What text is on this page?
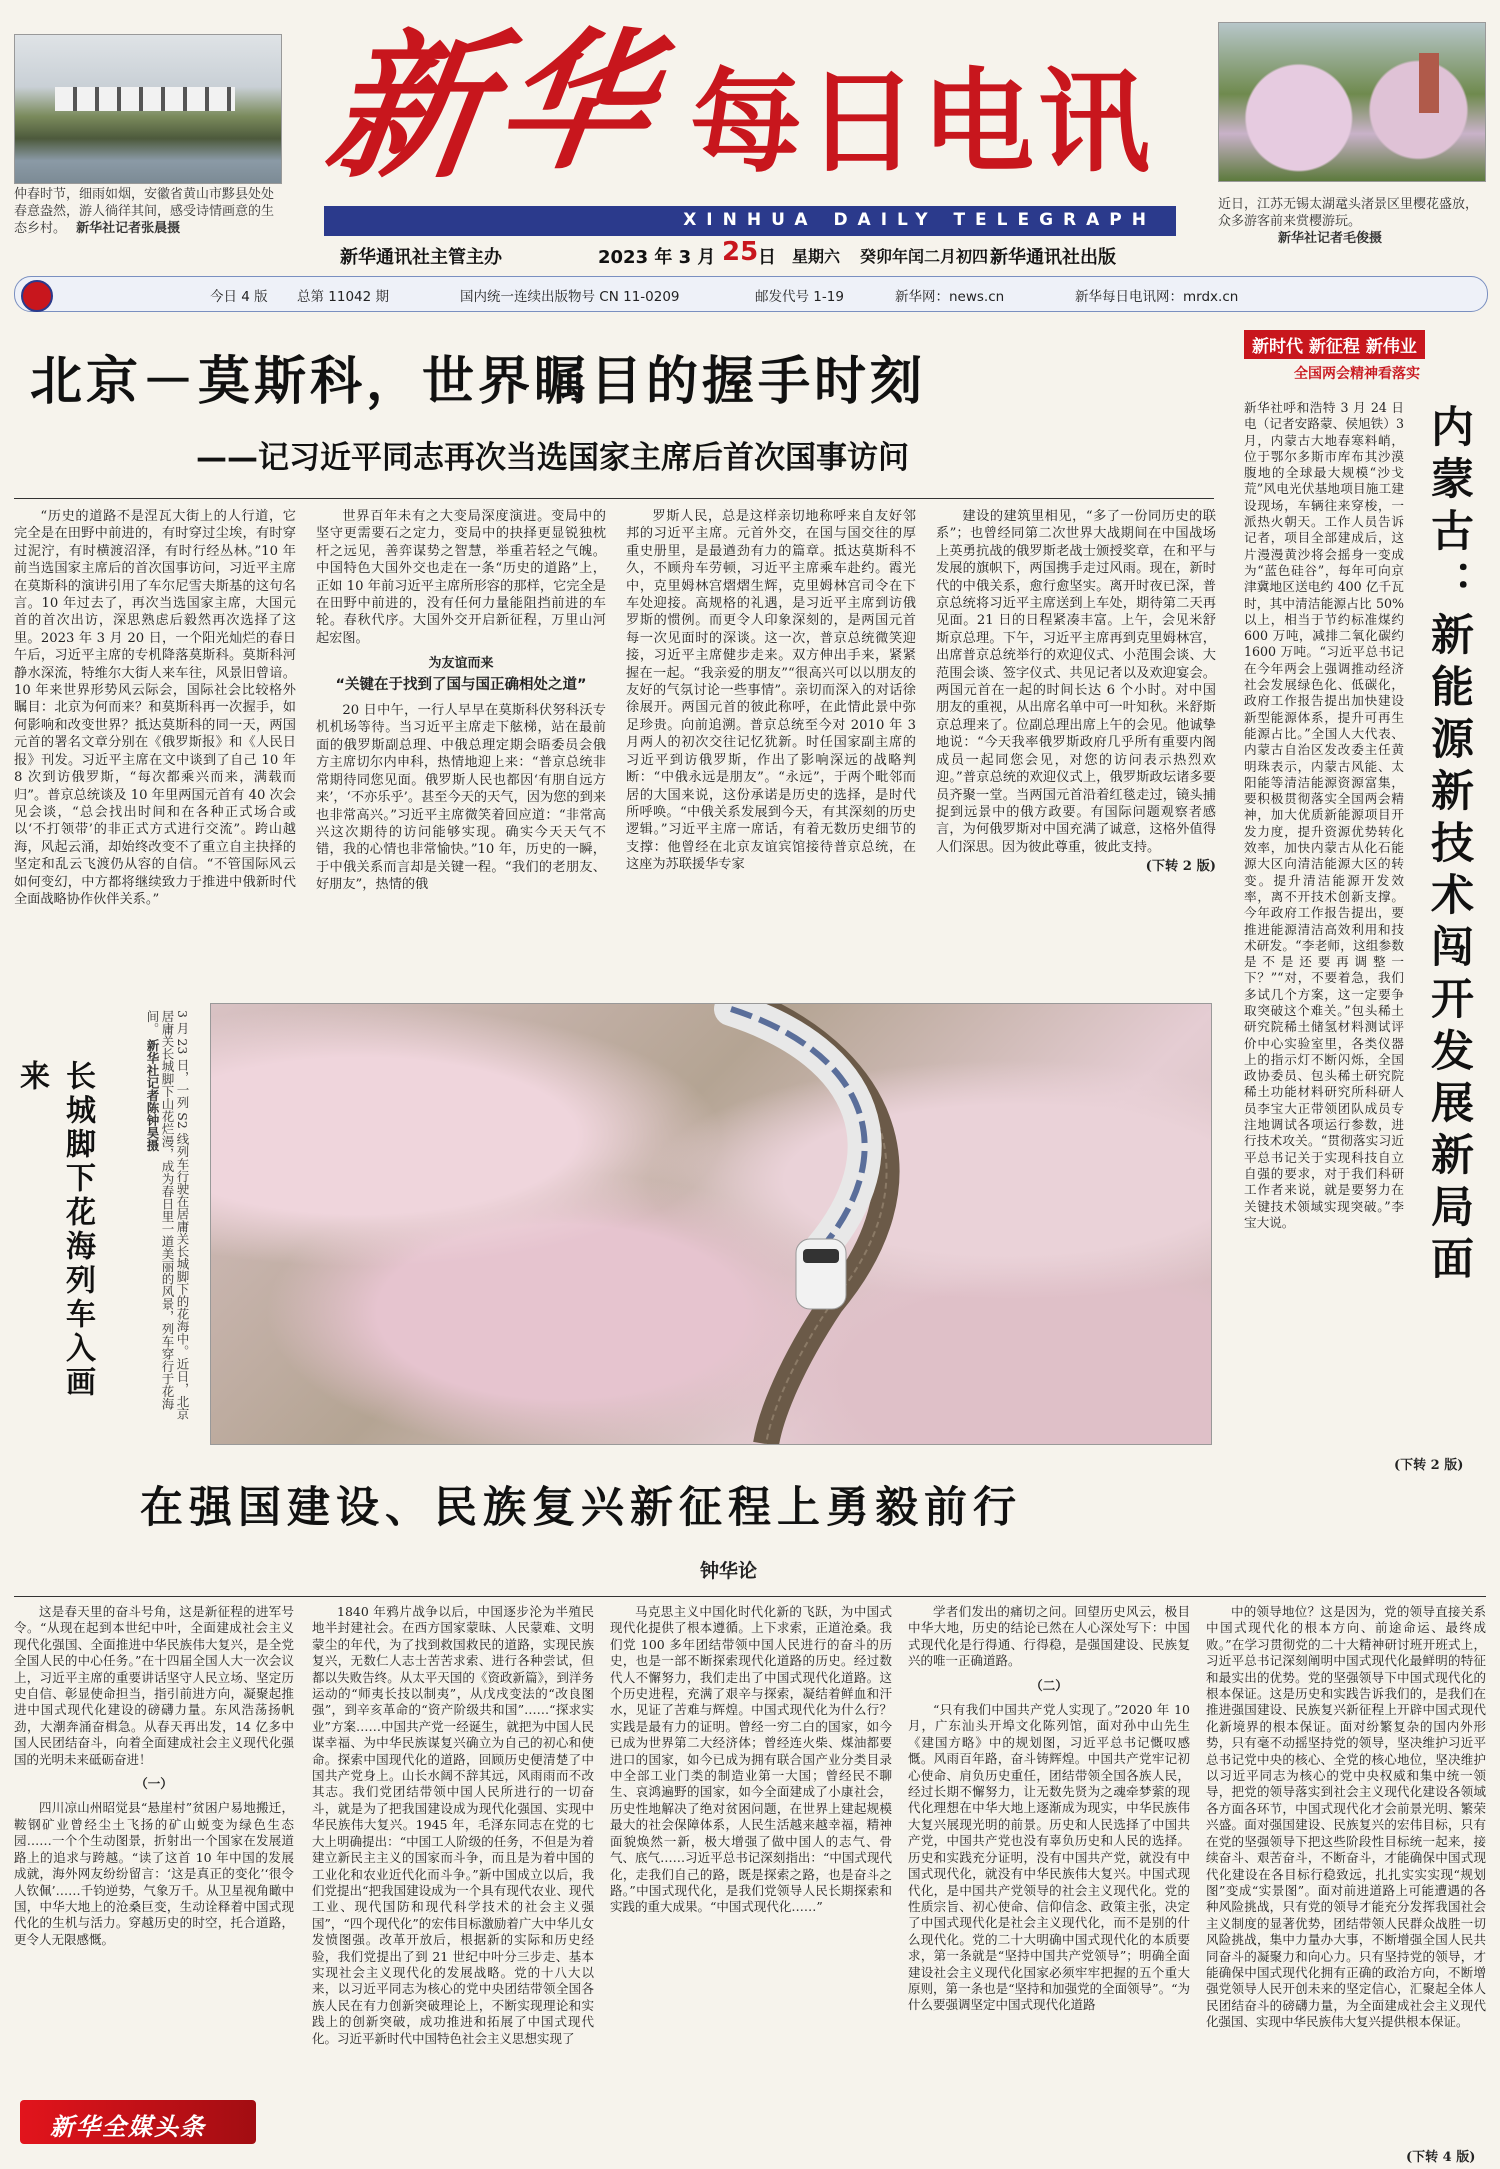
仲春时节，细雨如烟，安徽省黄山市黟县处处春意盎然，游人徜徉其间，感受诗情画意的生态乡村。 新华社记者张晨摄
近日，江苏无锡太湖鼋头渚景区里樱花盛放，众多游客前来赏樱游玩。 新华社记者毛俊摄
新
华 每日电讯
XINHUA DAILY TELEGRAPH
新华通讯社主管主办	2023 年 3 月 25 日 星期六 癸卯年闰二月初四 新华通讯社出版
今日 4 版 总第 11042 期	国内统一连续出版物号 CN 11-0209	邮发代号 1-19	新华网：news.cn	新华每日电讯网：mrdx.cn
北京－莫斯科，世界瞩目的握手时刻
——记习近平同志再次当选国家主席后首次国事访问

“历史的道路不是涅瓦大街上的人行道，它完全是在田野中前进的，有时穿过尘埃，有时穿过泥泞，有时横渡沼泽，有时行经丛林。”10 年前当选国家主席后的首次国事访问，习近平主席在莫斯科的演讲引用了车尔尼雪夫斯基的这句名言。10 年过去了，再次当选国家主席，大国元首的首次出访，深思熟虑后毅然再次选择了这里。2023 年 3 月 20 日，一个阳光灿烂的春日午后，习近平主席的专机降落莫斯科。莫斯科河静水深流，特维尔大街人来车往，风景旧曾谙。10 年来世界形势风云际会，国际社会比较格外瞩目：北京为何而来？和莫斯科再一次握手，如何影响和改变世界？抵达莫斯科的同一天，两国元首的署名文章分别在《俄罗斯报》和《人民日报》刊发。习近平主席在文中谈到了自己 10 年 8 次到访俄罗斯，“每次都乘兴而来，满载而归”。普京总统谈及 10 年里两国元首有 40 次会见会谈，“总会找出时间和在各种正式场合或以‘不打领带’的非正式方式进行交流”。跨山越海，风起云涌，却始终改变不了重立自主抉择的坚定和乱云飞渡仍从容的自信。“不管国际风云如何变幻，中方都将继续致力于推进中俄新时代全面战略协作伙伴关系。”

世界百年未有之大变局深度演进。变局中的坚守更需要石之定力，变局中的抉择更显锐独枕杆之远见，善弈谋势之智慧，举重若轻之气魄。中国特色大国外交也走在一条“历史的道路”上，正如 10 年前习近平主席所形容的那样，它完全是在田野中前进的，没有任何力量能阻挡前进的车轮。春秋代序。大国外交开启新征程，万里山河起宏图。

为友谊而来
“关键在于找到了国与国正确相处之道”

20 日中午，一行人早早在莫斯科伏努科沃专机机场等待。当习近平主席走下舷梯，站在最前面的俄罗斯副总理、中俄总理定期会晤委员会俄方主席切尔内申科，热情地迎上来：“普京总统非常期待同您见面。俄罗斯人民也都因‘有朋自远方来’，‘不亦乐乎’。甚至今天的天气，因为您的到来也非常高兴。”习近平主席微笑着回应道：“非常高兴这次期待的访问能够实现。确实今天天气不错，我的心情也非常愉快。”10 年，历史的一瞬，于中俄关系而言却是关键一程。“我们的老朋友、好朋友”，热情的俄

罗斯人民，总是这样亲切地称呼来自友好邻邦的习近平主席。元首外交，在国与国交往的厚重史册里，是最遒劲有力的篇章。抵达莫斯科不久，不顾舟车劳顿，习近平主席乘车赴约。霞光中，克里姆林宫熠熠生辉，克里姆林宫司令在下车处迎接。高规格的礼遇，是习近平主席到访俄罗斯的惯例。而更令人印象深刻的，是两国元首每一次见面时的深谈。这一次，普京总统微笑迎接，习近平主席健步走来。双方伸出手来，紧紧握在一起。“我亲爱的朋友”“很高兴可以以朋友的友好的气氛讨论一些事情”。亲切而深入的对话徐徐展开。两国元首的彼此称呼，在此情此景中弥足珍贵。向前追溯。普京总统至今对 2010 年 3 月两人的初次交往记忆犹新。时任国家副主席的习近平到访俄罗斯，作出了影响深远的战略判断：“中俄永远是朋友”。“永远”，于两个毗邻而居的大国来说，这份承诺是历史的选择，是时代所呼唤。“中俄关系发展到今天，有其深刻的历史逻辑。”习近平主席一席话，有着无数历史细节的支撑：他曾经在北京友谊宾馆接待普京总统，在这座为苏联援华专家

建设的建筑里相见，“多了一份同历史的联系”；也曾经同第二次世界大战期间在中国战场上英勇抗战的俄罗斯老战士颁授奖章，在和平与发展的旗帜下，两国携手走过风雨。现在，新时代的中俄关系，愈行愈坚实。离开时夜已深，普京总统将习近平主席送到上车处，期待第二天再见面。21 日的日程紧凑丰富。上午，会见米舒斯京总理。下午，习近平主席再到克里姆林宫，出席普京总统举行的欢迎仪式、小范围会谈、大范围会谈、签字仪式、共见记者以及欢迎宴会。两国元首在一起的时间长达 6 个小时。对中国朋友的重视，从出席名单中可一叶知秋。米舒斯京总理来了。位副总理出席上午的会见。他诚挚地说：“今天我率俄罗斯政府几乎所有重要内阁成员一起同您会见，对您的访问表示热烈欢迎。”普京总统的欢迎仪式上，俄罗斯政坛诸多要员齐聚一堂。当两国元首沿着红毯走过，镜头捕捉到远景中的俄方政要。有国际问题观察者感言，为何俄罗斯对中国充满了诚意，这格外值得人们深思。因为彼此尊重，彼此支持。

(下转 2 版)
新时代 新征程 新伟业
全国两会精神看落实

新华社呼和浩特 3 月 24 日电（记者安路蒙、侯旭铁）3 月，内蒙古大地春寒料峭，位于鄂尔多斯市库布其沙漠腹地的全球最大规模“沙戈荒”风电光伏基地项目施工建设现场，车辆往来穿梭，一派热火朝天。工作人员告诉记者，项目全部建成后，这片漫漫黄沙将会摇身一变成为“蓝色硅谷”，每年可向京津冀地区送电约 400 亿千瓦时，其中清洁能源占比 50% 以上，相当于节约标准煤约 600 万吨，减排二氧化碳约 1600 万吨。“习近平总书记在今年两会上强调推动经济社会发展绿色化、低碳化，政府工作报告提出加快建设新型能源体系，提升可再生能源占比。”全国人大代表、内蒙古自治区发改委主任黄明珠表示，内蒙古风能、太阳能等清洁能源资源富集，要积极贯彻落实全国两会精神，加大优质新能源项目开发力度，提升资源优势转化效率，加快内蒙古从化石能源大区向清洁能源大区的转变。提升清洁能源开发效率，离不开技术创新支撑。今年政府工作报告提出，要推进能源清洁高效利用和技术研发。“李老师，这组参数是不是还要再调整一下？”“对，不要着急，我们多试几个方案，这一定要争取突破这个难关。”包头稀土研究院稀土储氢材料测试评价中心实验室里，各类仪器上的指示灯不断闪烁，全国政协委员、包头稀土研究院稀土功能材料研究所科研人员李宝大正带领团队成员专注地调试各项运行参数，进行技术攻关。“贯彻落实习近平总书记关于实现科技自立自强的要求，对于我们科研工作者来说，就是要努力在关键技术领域实现突破。”李宝大说。

(下转 2 版)
内蒙古：新能源新技术闯开发展新局面
长城脚下花海列车入画来	3 月 23 日，一列 S2 线列车行驶在居庸关长城脚下的花海中。近日，北京居庸关长城脚下山花烂漫，成为春日里一道美丽的风景，列车穿行于花海间。 新华社记者陈钟昊摄
在强国建设、民族复兴新征程上勇毅前行
钟华论

这是春天里的奋斗号角，这是新征程的进军号令。“从现在起到本世纪中叶，全面建成社会主义现代化强国、全面推进中华民族伟大复兴，是全党全国人民的中心任务。”在十四届全国人大一次会议上，习近平主席的重要讲话坚守人民立场、坚定历史自信、彰显使命担当，指引前进方向，凝聚起推进中国式现代化建设的磅礴力量。东风浩荡扬帆劲，大潮奔涌奋楫急。从春天再出发，14 亿多中国人民团结奋斗，向着全面建成社会主义现代化强国的光明未来砥砺奋进！

（一）

四川凉山州昭觉县“悬崖村”贫困户易地搬迁，鞍钢矿业曾经尘土飞扬的矿山蜕变为绿色生态园……一个个生动图景，折射出一个国家在发展道路上的追求与跨越。“读了这首 10 年中国的发展成就，海外网友纷纷留言：‘这是真正的变化’‘很令人钦佩’……千钧逆势，气象万千。从卫星视角瞰中国，中华大地上的沧桑巨变，生动诠释着中国式现代化的生机与活力。穿越历史的时空，托合道路，更令人无限感慨。

1840 年鸦片战争以后，中国逐步沦为半殖民地半封建社会。在西方国家蒙昧、人民蒙难、文明蒙尘的年代，为了找到救国救民的道路，实现民族复兴，无数仁人志士苦苦求索、进行各种尝试，但都以失败告终。从太平天国的《资政新篇》，到洋务运动的“师夷长技以制夷”，从戊戌变法的“改良图强”，到辛亥革命的“资产阶级共和国”……“探求实业”方案……中国共产党一经诞生，就把为中国人民谋幸福、为中华民族谋复兴确立为自己的初心和使命。探索中国现代化的道路，回顾历史便清楚了中国共产党身上。山长水阔不辞其远，风雨雨而不改其志。我们党团结带领中国人民所进行的一切奋斗，就是为了把我国建设成为现代化强国、实现中华民族伟大复兴。1945 年，毛泽东同志在党的七大上明确提出：“中国工人阶级的任务，不但是为着建立新民主主义的国家而斗争，而且是为着中国的工业化和农业近代化而斗争。”新中国成立以后，我们党提出“把我国建设成为一个具有现代农业、现代工业、现代国防和现代科学技术的社会主义强国”，“四个现代化”的宏伟目标激励着广大中华儿女发愤图强。改革开放后，根据新的实际和历史经验，我们党提出了到 21 世纪中叶分三步走、基本实现社会主义现代化的发展战略。党的十八大以来，以习近平同志为核心的党中央团结带领全国各族人民在有力创新突破理论上，不断实现理论和实践上的创新突破，成功推进和拓展了中国式现代化。习近平新时代中国特色社会主义思想实现了

马克思主义中国化时代化新的飞跃，为中国式现代化提供了根本遵循。上下求索，正道沧桑。我们党 100 多年团结带领中国人民进行的奋斗的历史，也是一部不断探索现代化道路的历史。经过数代人不懈努力，我们走出了中国式现代化道路。这个历史进程，充满了艰辛与探索，凝结着鲜血和汗水，见证了苦难与辉煌。中国式现代化为什么行？实践是最有力的证明。曾经一穷二白的国家，如今已成为世界第二大经济体；曾经连火柴、煤油都要进口的国家，如今已成为拥有联合国产业分类目录中全部工业门类的制造业第一大国；曾经民不聊生、哀鸿遍野的国家，如今全面建成了小康社会，历史性地解决了绝对贫困问题，在世界上建起规模最大的社会保障体系，人民生活越来越幸福，精神面貌焕然一新，极大增强了做中国人的志气、骨气、底气……习近平总书记深刻指出：“中国式现代化，走我们自己的路，既是探索之路，也是奋斗之路。”中国式现代化，是我们党领导人民长期探索和实践的重大成果。“中国式现代化……”

学者们发出的痛切之问。回望历史风云，极目中华大地，历史的结论已然在人心深处写下：中国式现代化是行得通、行得稳，是强国建设、民族复兴的唯一正确道路。

（二）

“只有我们中国共产党人实现了。”2020 年 10 月，广东汕头开埠文化陈列馆，面对孙中山先生《建国方略》中的规划图，习近平总书记慨叹感慨。风雨百年路，奋斗铸辉煌。中国共产党牢记初心使命、肩负历史重任，团结带领全国各族人民，经过长期不懈努力，让无数先贤为之魂牵梦萦的现代化理想在中华大地上逐渐成为现实，中华民族伟大复兴展现光明的前景。历史和人民选择了中国共产党，中国共产党也没有辜负历史和人民的选择。历史和实践充分证明，没有中国共产党，就没有中国式现代化，就没有中华民族伟大复兴。中国式现代化，是中国共产党领导的社会主义现代化。党的性质宗旨、初心使命、信仰信念、政策主张，决定了中国式现代化是社会主义现代化，而不是别的什么现代化。党的二十大明确中国式现代化的本质要求，第一条就是“坚持中国共产党领导”；明确全面建设社会主义现代化国家必须牢牢把握的五个重大原则，第一条也是“坚持和加强党的全面领导”。“为什么要强调坚定中国式现代化道路

中的领导地位？这是因为，党的领导直接关系中国式现代化的根本方向、前途命运、最终成败。”在学习贯彻党的二十大精神研讨班开班式上，习近平总书记深刻阐明中国式现代化最鲜明的特征和最实出的优势。党的坚强领导下中国式现代化的根本保证。这是历史和实践告诉我们的，是我们在推进强国建设、民族复兴新征程上开辟中国式现代化新境界的根本保证。面对纷繁复杂的国内外形势，只有毫不动摇坚持党的领导，坚决维护习近平总书记党中央的核心、全党的核心地位，坚决维护以习近平同志为核心的党中央权威和集中统一领导，把党的领导落实到社会主义现代化建设各领域各方面各环节，中国式现代化才会前景光明、繁荣兴盛。面对强国建设、民族复兴的宏伟目标，只有在党的坚强领导下把这些阶段性目标统一起来，接续奋斗、艰苦奋斗，不断奋斗，才能确保中国式现代化建设在各目标行稳致远，扎扎实实实现“规划图”变成“实景图”。面对前进道路上可能遭遇的各种风险挑战，只有党的领导才能充分发挥我国社会主义制度的显著优势，团结带领人民群众战胜一切风险挑战，集中力量办大事，不断增强全国人民共同奋斗的凝聚力和向心力。只有坚持党的领导，才能确保中国式现代化拥有正确的政治方向，不断增强党领导人民开创未来的坚定信心，汇聚起全体人民团结奋斗的磅礴力量，为全面建成社会主义现代化强国、实现中华民族伟大复兴提供根本保证。

(下转 4 版)
新华全媒头条
